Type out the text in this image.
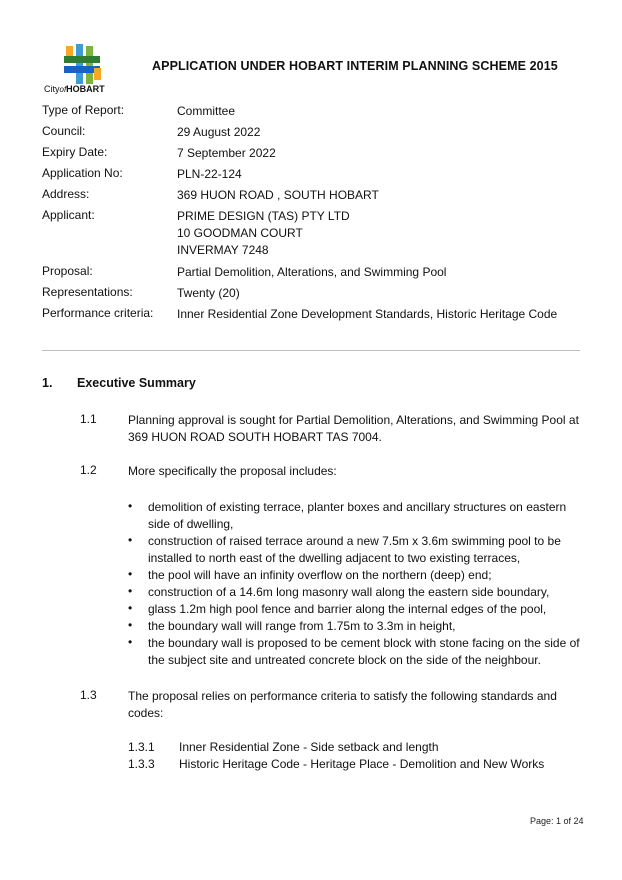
CityofHOBART
APPLICATION UNDER HOBART INTERIM PLANNING SCHEME 2015
Type of Report:	Committee
Council:	29 August 2022
Expiry Date:	7 September 2022
Application No:	PLN-22-124
Address:	369 HUON ROAD , SOUTH HOBART
Applicant:	PRIME DESIGN (TAS) PTY LTD
10 GOODMAN COURT
INVERMAY 7248
Proposal:	Partial Demolition, Alterations, and Swimming Pool
Representations:	Twenty (20)
Performance criteria: Inner Residential Zone Development Standards, Historic Heritage Code
1. Executive Summary
1.1	Planning approval is sought for Partial Demolition, Alterations, and Swimming Pool at 369 HUON ROAD SOUTH HOBART TAS 7004.
1.2	More specifically the proposal includes:
• demolition of existing terrace, planter boxes and ancillary structures on eastern side of dwelling,
• construction of raised terrace around a new 7.5m x 3.6m swimming pool to be installed to north east of the dwelling adjacent to two existing terraces,
• the pool will have an infinity overflow on the northern (deep) end;
• construction of a 14.6m long masonry wall along the eastern side boundary,
• glass 1.2m high pool fence and barrier along the internal edges of the pool,
• the boundary wall will range from 1.75m to 3.3m in height,
• the boundary wall is proposed to be cement block with stone facing on the side of the subject site and untreated concrete block on the side of the neighbour.
1.3	The proposal relies on performance criteria to satisfy the following standards and codes:
1.3.1 Inner Residential Zone - Side setback and length
1.3.3 Historic Heritage Code - Heritage Place - Demolition and New Works
Page: 1 of 24
